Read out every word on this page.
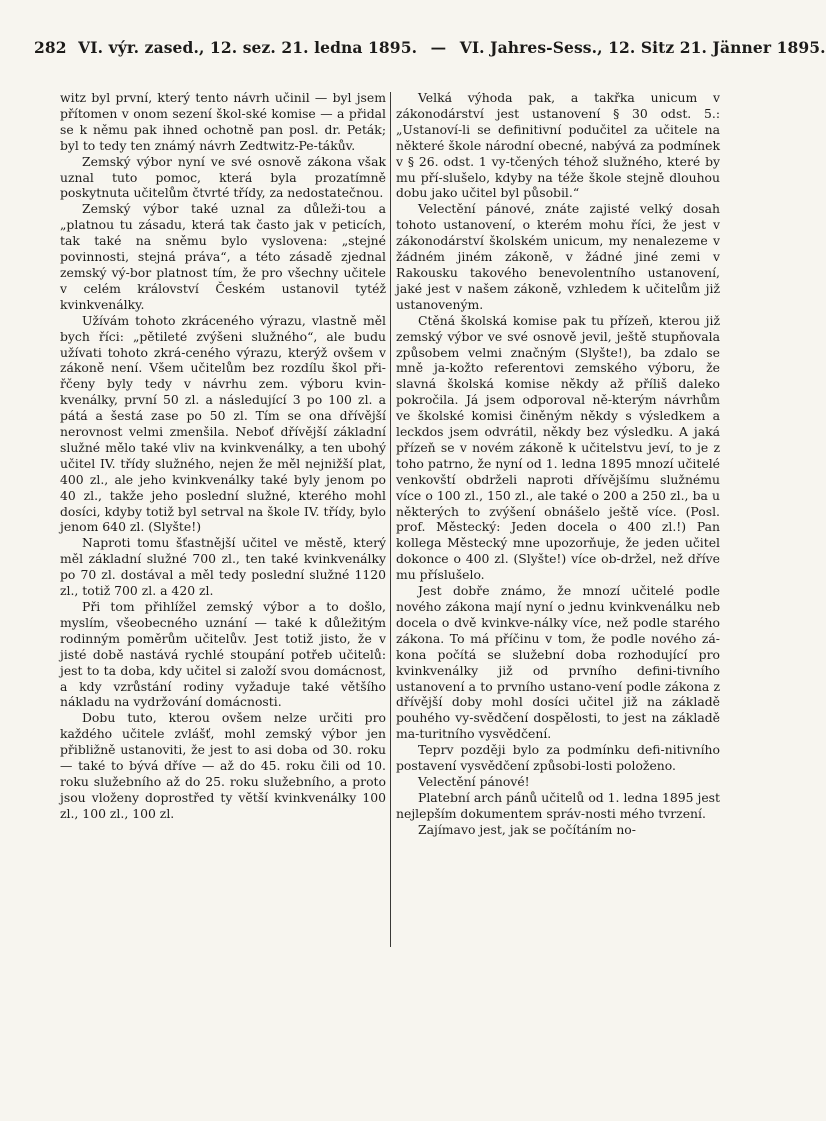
282 VI. výr. zased., 12. sez. 21. ledna 1895. — VI. Jahres-Sess., 12. Sitz 21. Jänner 1895.

witz byl první, který tento návrh učinil — byl jsem přítomen v onom sezení škol-ské komise — a přidal se k němu pak ihned ochotně pan posl. dr. Peták; byl to tedy ten známý návrh Zedtwitz-Pe-tákův.

Zemský výbor nyní ve své osnově zákona však uznal tuto pomoc, která byla prozatímně poskytnuta učitelům čtvrté třídy, za nedostatečnou.

Zemský výbor také uznal za důleži-tou a „platnou tu zásadu, která tak často jak v peticích, tak také na sněmu bylo vyslovena: „stejné povinnosti, stejná práva“, a této zásadě zjednal zemský vý-bor platnost tím, že pro všechny učitele v celém království Českém ustanovil tytéž kvinkvenálky.

Užívám tohoto zkráceného výrazu, vlastně měl bych říci: „pětileté zvýšeni služného“, ale budu užívati tohoto zkrá-ceného výrazu, kterýž ovšem v zákoně není. Všem učitelům bez rozdílu škol při-řčeny byly tedy v návrhu zem. výboru kvin-kvenálky, první 50 zl. a následující 3 po 100 zl. a pátá a šestá zase po 50 zl. Tím se ona dřívější nerovnost velmi zmenšila. Neboť dřívější základní služné mělo také vliv na kvinkvenálky, a ten ubohý učitel IV. třídy služného, nejen že měl nejnižší plat, 400 zl., ale jeho kvinkvenálky také byly jenom po 40 zl., takže jeho poslední služné, kterého mohl dosíci, kdyby totiž byl setrval na škole IV. třídy, bylo jenom 640 zl. (Slyšte!)

Naproti tomu šťastnější učitel ve městě, který měl základní služné 700 zl., ten také kvinkvenálky po 70 zl. dostával a měl tedy poslední služné 1120 zl., totiž 700 zl. a 420 zl.

Při tom přihlížel zemský výbor a to došlo, myslím, všeobecného uznání — také k důležitým rodinným poměrům učitelův. Jest totiž jisto, že v jisté době nastává rychlé stoupání potřeb učitelů: jest to ta doba, kdy učitel si založí svou domácnost, a kdy vzrůstání rodiny vyžaduje také většího nákladu na vydržování domácnosti.

Dobu tuto, kterou ovšem nelze určiti pro každého učitele zvlášť, mohl zemský výbor jen přibližně ustanoviti, že jest to asi doba od 30. roku — také to bývá dříve — až do 45. roku čili od 10. roku služebního až do 25. roku služebního, a proto jsou vloženy doprostřed ty větší kvinkvenálky 100 zl., 100 zl., 100 zl.

Velká výhoda pak, a takřka unicum v zákonodárství jest ustanovení § 30 odst. 5.: „Ustanoví-li se definitivní podučitel za učitele na některé škole národní obecné, nabývá za podmínek v § 26. odst. 1 vy-tčených téhož služného, které by mu pří-slušelo, kdyby na téže škole stejně dlouhou dobu jako učitel byl působil.“

Velectění pánové, znáte zajisté velký dosah tohoto ustanovení, o kterém mohu říci, že jest v zákonodárství školském unicum, my nenalezeme v žádném jiném zákoně, v žádné jiné zemi v Rakousku takového benevolentního ustanovení, jaké jest v našem zákoně, vzhledem k učitelům již ustanoveným.

Ctěná školská komise pak tu přízeň, kterou již zemský výbor ve své osnově jevil, ještě stupňovala způsobem velmi značným (Slyšte!), ba zdalo se mně ja-kožto referentovi zemského výboru, že slavná školská komise někdy až příliš daleko pokročila. Já jsem odporoval ně-kterým návrhům ve školské komisi činěným někdy s výsledkem a leckdos jsem odvrátil, někdy bez výsledku. A jaká přízeň se v novém zákoně k učitelstvu jeví, to je z toho patrno, že nyní od 1. ledna 1895 mnozí učitelé venkovští obdrželi naproti dřívějšímu služnému více o 100 zl., 150 zl., ale také o 200 a 250 zl., ba u některých to zvýšení obnášelo ještě více. (Posl. prof. Městecký: Jeden docela o 400 zl.!) Pan kollega Městecký mne upozorňuje, že jeden učitel dokonce o 400 zl. (Slyšte!) více ob-držel, než dříve mu příslušelo.

Jest dobře známo, že mnozí učitelé podle nového zákona mají nyní o jednu kvinkvenálku neb docela o dvě kvinkve-nálky více, než podle starého zákona. To má příčinu v tom, že podle nového zá-kona počítá se služební doba rozhodující pro kvinkvenálky již od prvního defini-tivního ustanovení a to prvního ustano-vení podle zákona z dřívější doby mohl dosíci učitel již na základě pouhého vy-svědčení dospělosti, to jest na základě ma-turitního vysvědčení.

Teprv později bylo za podmínku defi-nitivního postavení vysvědčení způsobi-losti položeno.

Velectění pánové!

Platební arch pánů učitelů od 1. ledna 1895 jest nejlepším dokumentem správ-nosti mého tvrzení.

Zajímavo jest, jak se počítáním no-
